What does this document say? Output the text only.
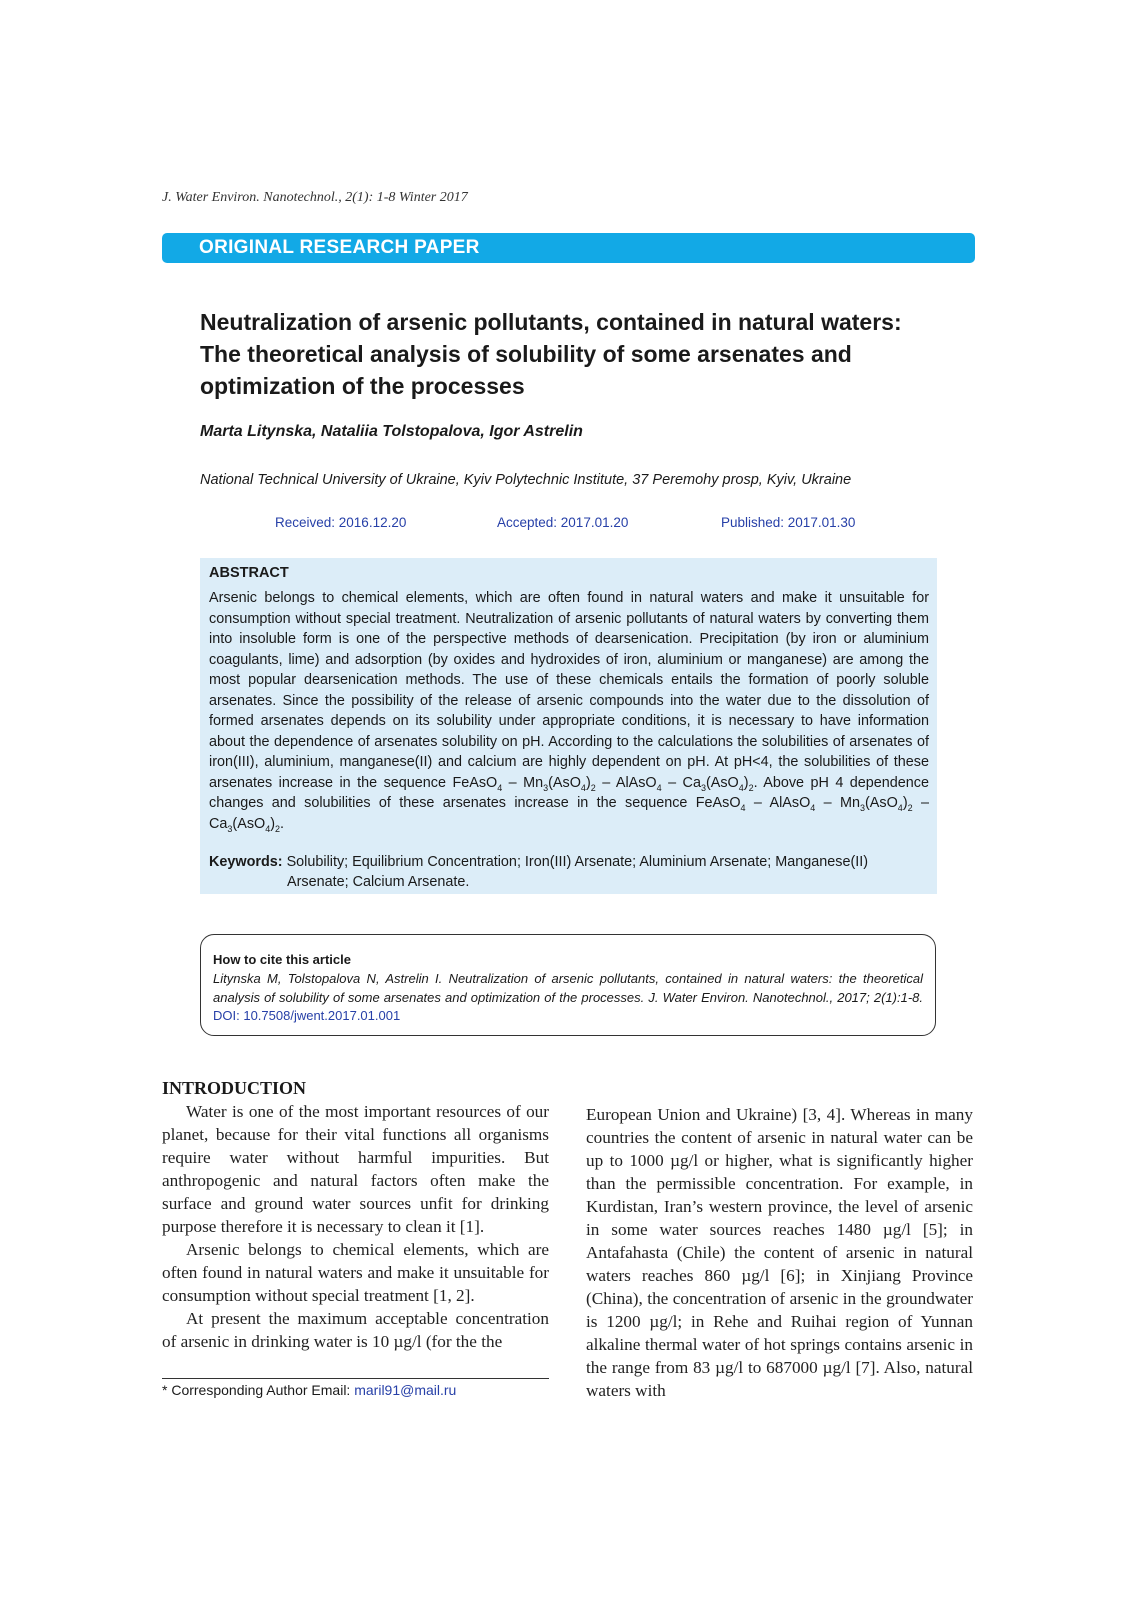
J. Water Environ. Nanotechnol., 2(1): 1-8 Winter 2017
ORIGINAL RESEARCH PAPER
Neutralization of arsenic pollutants, contained in natural waters:
The theoretical analysis of solubility of some arsenates and
optimization of the processes
Marta Litynska, Nataliia Tolstopalova, Igor Astrelin
National Technical University of Ukraine, Kyiv Polytechnic Institute, 37 Peremohy prosp, Kyiv, Ukraine
Received: 2016.12.20	Accepted: 2017.01.20	Published: 2017.01.30
ABSTRACT
Arsenic belongs to chemical elements, which are often found in natural waters and make it unsuitable for consumption without special treatment. Neutralization of arsenic pollutants of natural waters by converting them into insoluble form is one of the perspective methods of dearsenication. Precipitation (by iron or aluminium coagulants, lime) and adsorption (by oxides and hydroxides of iron, aluminium or manganese) are among the most popular dearsenication methods. The use of these chemicals entails the formation of poorly soluble arsenates. Since the possibility of the release of arsenic compounds into the water due to the dissolution of formed arsenates depends on its solubility under appropriate conditions, it is necessary to have information about the dependence of arsenates solubility on pH. According to the calculations the solubilities of arsenates of iron(III), aluminium, manganese(II) and calcium are highly dependent on pH. At pH<4, the solubilities of these arsenates increase in the sequence FeAsO$_4$ – $Mn_3(AsO_4)_2$ – AlAsO$_4$ – $Ca_3(AsO_4)_2$. Above pH 4 dependence changes and solubilities of these arsenates increase in the sequence FeAsO$_4$ – AlAsO$_4$ – $Mn_3(AsO_4)_2 - Ca_3(AsO_4)_2$.
Keywords:
Solubility; Equilibrium Concentration; Iron(III) Arsenate; Aluminium Arsenate; Manganese(II)
Arsenate; Calcium Arsenate.
How to cite this article
Litynska M, Tolstopalova N, Astrelin I. Neutralization of arsenic pollutants, contained in natural waters: the theoretical analysis of solubility of some arsenates and optimization of the processes. J. Water Environ. Nanotechnol., 2017; 2(1):1-8. DOI: 10.7508/jwent.2017.01.001
INTRODUCTION

Water is one of the most important resources of our planet, because for their vital functions all organisms require water without harmful impurities. But anthropogenic and natural factors often make the surface and ground water sources unfit for drinking purpose therefore it is necessary to clean it [1].

Arsenic belongs to chemical elements, which are often found in natural waters and make it unsuitable for consumption without special treatment [1, 2].

At present the maximum acceptable concentration of arsenic in drinking water is 10 µg/l (for the the

European Union and Ukraine) [3, 4]. Whereas in many countries the content of arsenic in natural water can be up to 1000 µg/l or higher, what is significantly higher than the permissible concentration. For example, in Kurdistan, Iran’s western province, the level of arsenic in some water sources reaches 1480 µg/l [5]; in Antafahasta (Chile) the content of arsenic in natural waters reaches 860 µg/l [6]; in Xinjiang Province (China), the concentration of arsenic in the groundwater is 1200 µg/l; in Rehe and Ruihai region of Yunnan alkaline thermal water of hot springs contains arsenic in the range from 83 µg/l to 687000 µg/l [7]. Also, natural waters with

* Corresponding Author Email: maril91@mail.ru
